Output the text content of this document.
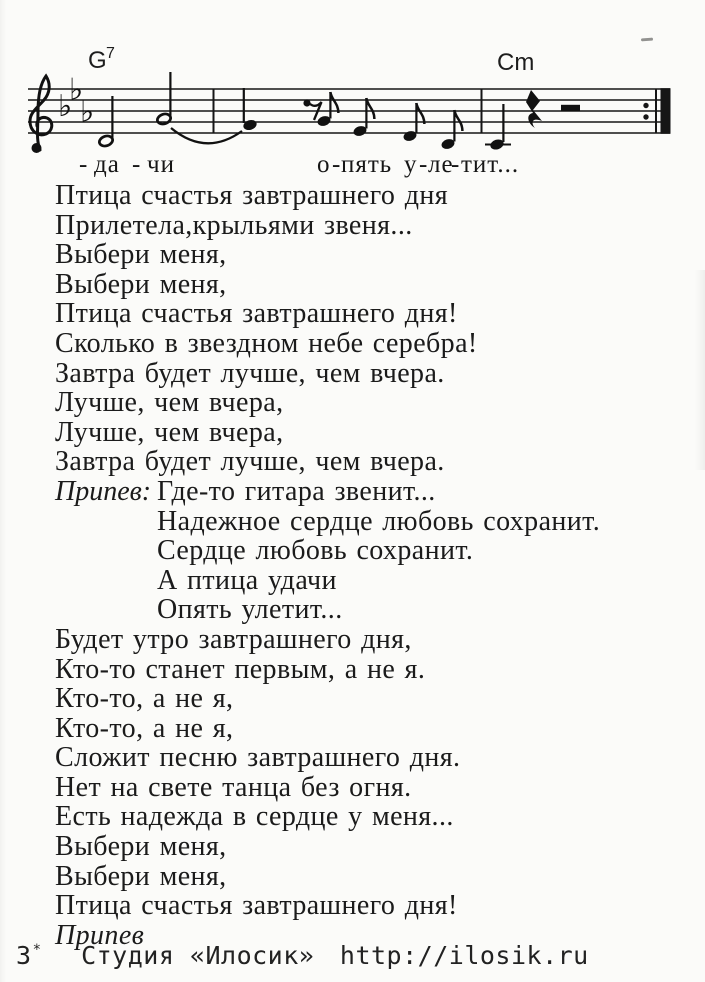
G 7	Cm
♭
♭
♭
- да - чи	о - пять у - ле
- тит...
Птица счастья завтрашнего дня
Прилетела,крыльями звеня...
Выбери меня,
Выбери меня,
Птица счастья завтрашнего дня!
Сколько в звездном небе серебра!
Завтра будет лучше, чем вчера.
Лучше, чем вчера,
Лучше, чем вчера,
Завтра будет лучше, чем вчера.
Припев: Где-то гитара звенит...
Надежное сердце любовь сохранит.
Сердце любовь сохранит.
А птица удачи
Опять улетит...
Будет утро завтрашнего дня,
Кто-то станет первым, а не я.
Кто-то, а не я,
Кто-то, а не я,
Сложит песню завтрашнего дня.
Нет на свете танца без огня.
Есть надежда в сердце у меня...
Выбери меня,
Выбери меня,
Птица счастья завтрашнего дня!
Припев
3* Студия «Илосик» http://ilosik.ru
